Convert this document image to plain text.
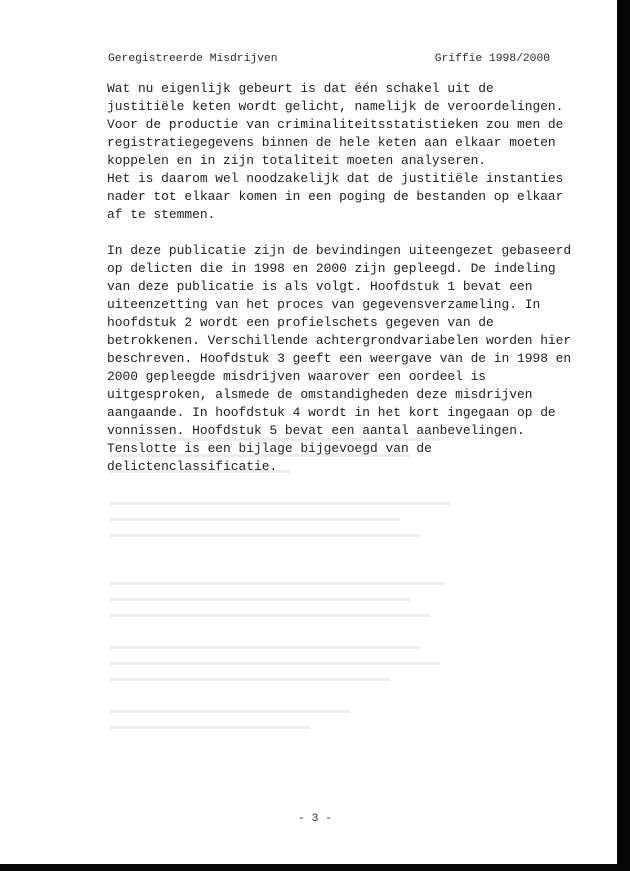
Geregistreerde Misdrijven	Griffie 1998/2000
Wat nu eigenlijk gebeurt is dat één schakel uit de
justitiële keten wordt gelicht, namelijk de veroordelingen.
Voor de productie van criminaliteitsstatistieken zou men de
registratiegegevens binnen de hele keten aan elkaar moeten
koppelen en in zijn totaliteit moeten analyseren.
Het is daarom wel noodzakelijk dat de justitiële instanties
nader tot elkaar komen in een poging de bestanden op elkaar
af te stemmen.
In deze publicatie zijn de bevindingen uiteengezet gebaseerd
op delicten die in 1998 en 2000 zijn gepleegd. De indeling
van deze publicatie is als volgt. Hoofdstuk 1 bevat een
uiteenzetting van het proces van gegevensverzameling. In
hoofdstuk 2 wordt een profielschets gegeven van de
betrokkenen. Verschillende achtergrondvariabelen worden hier
beschreven. Hoofdstuk 3 geeft een weergave van de in 1998 en
2000 gepleegde misdrijven waarover een oordeel is
uitgesproken, alsmede de omstandigheden deze misdrijven
aangaande. In hoofdstuk 4 wordt in het kort ingegaan op de
vonnissen. Hoofdstuk 5 bevat een aantal aanbevelingen.
Tenslotte is een bijlage bijgevoegd van de
delictenclassificatie.
- 3 -
